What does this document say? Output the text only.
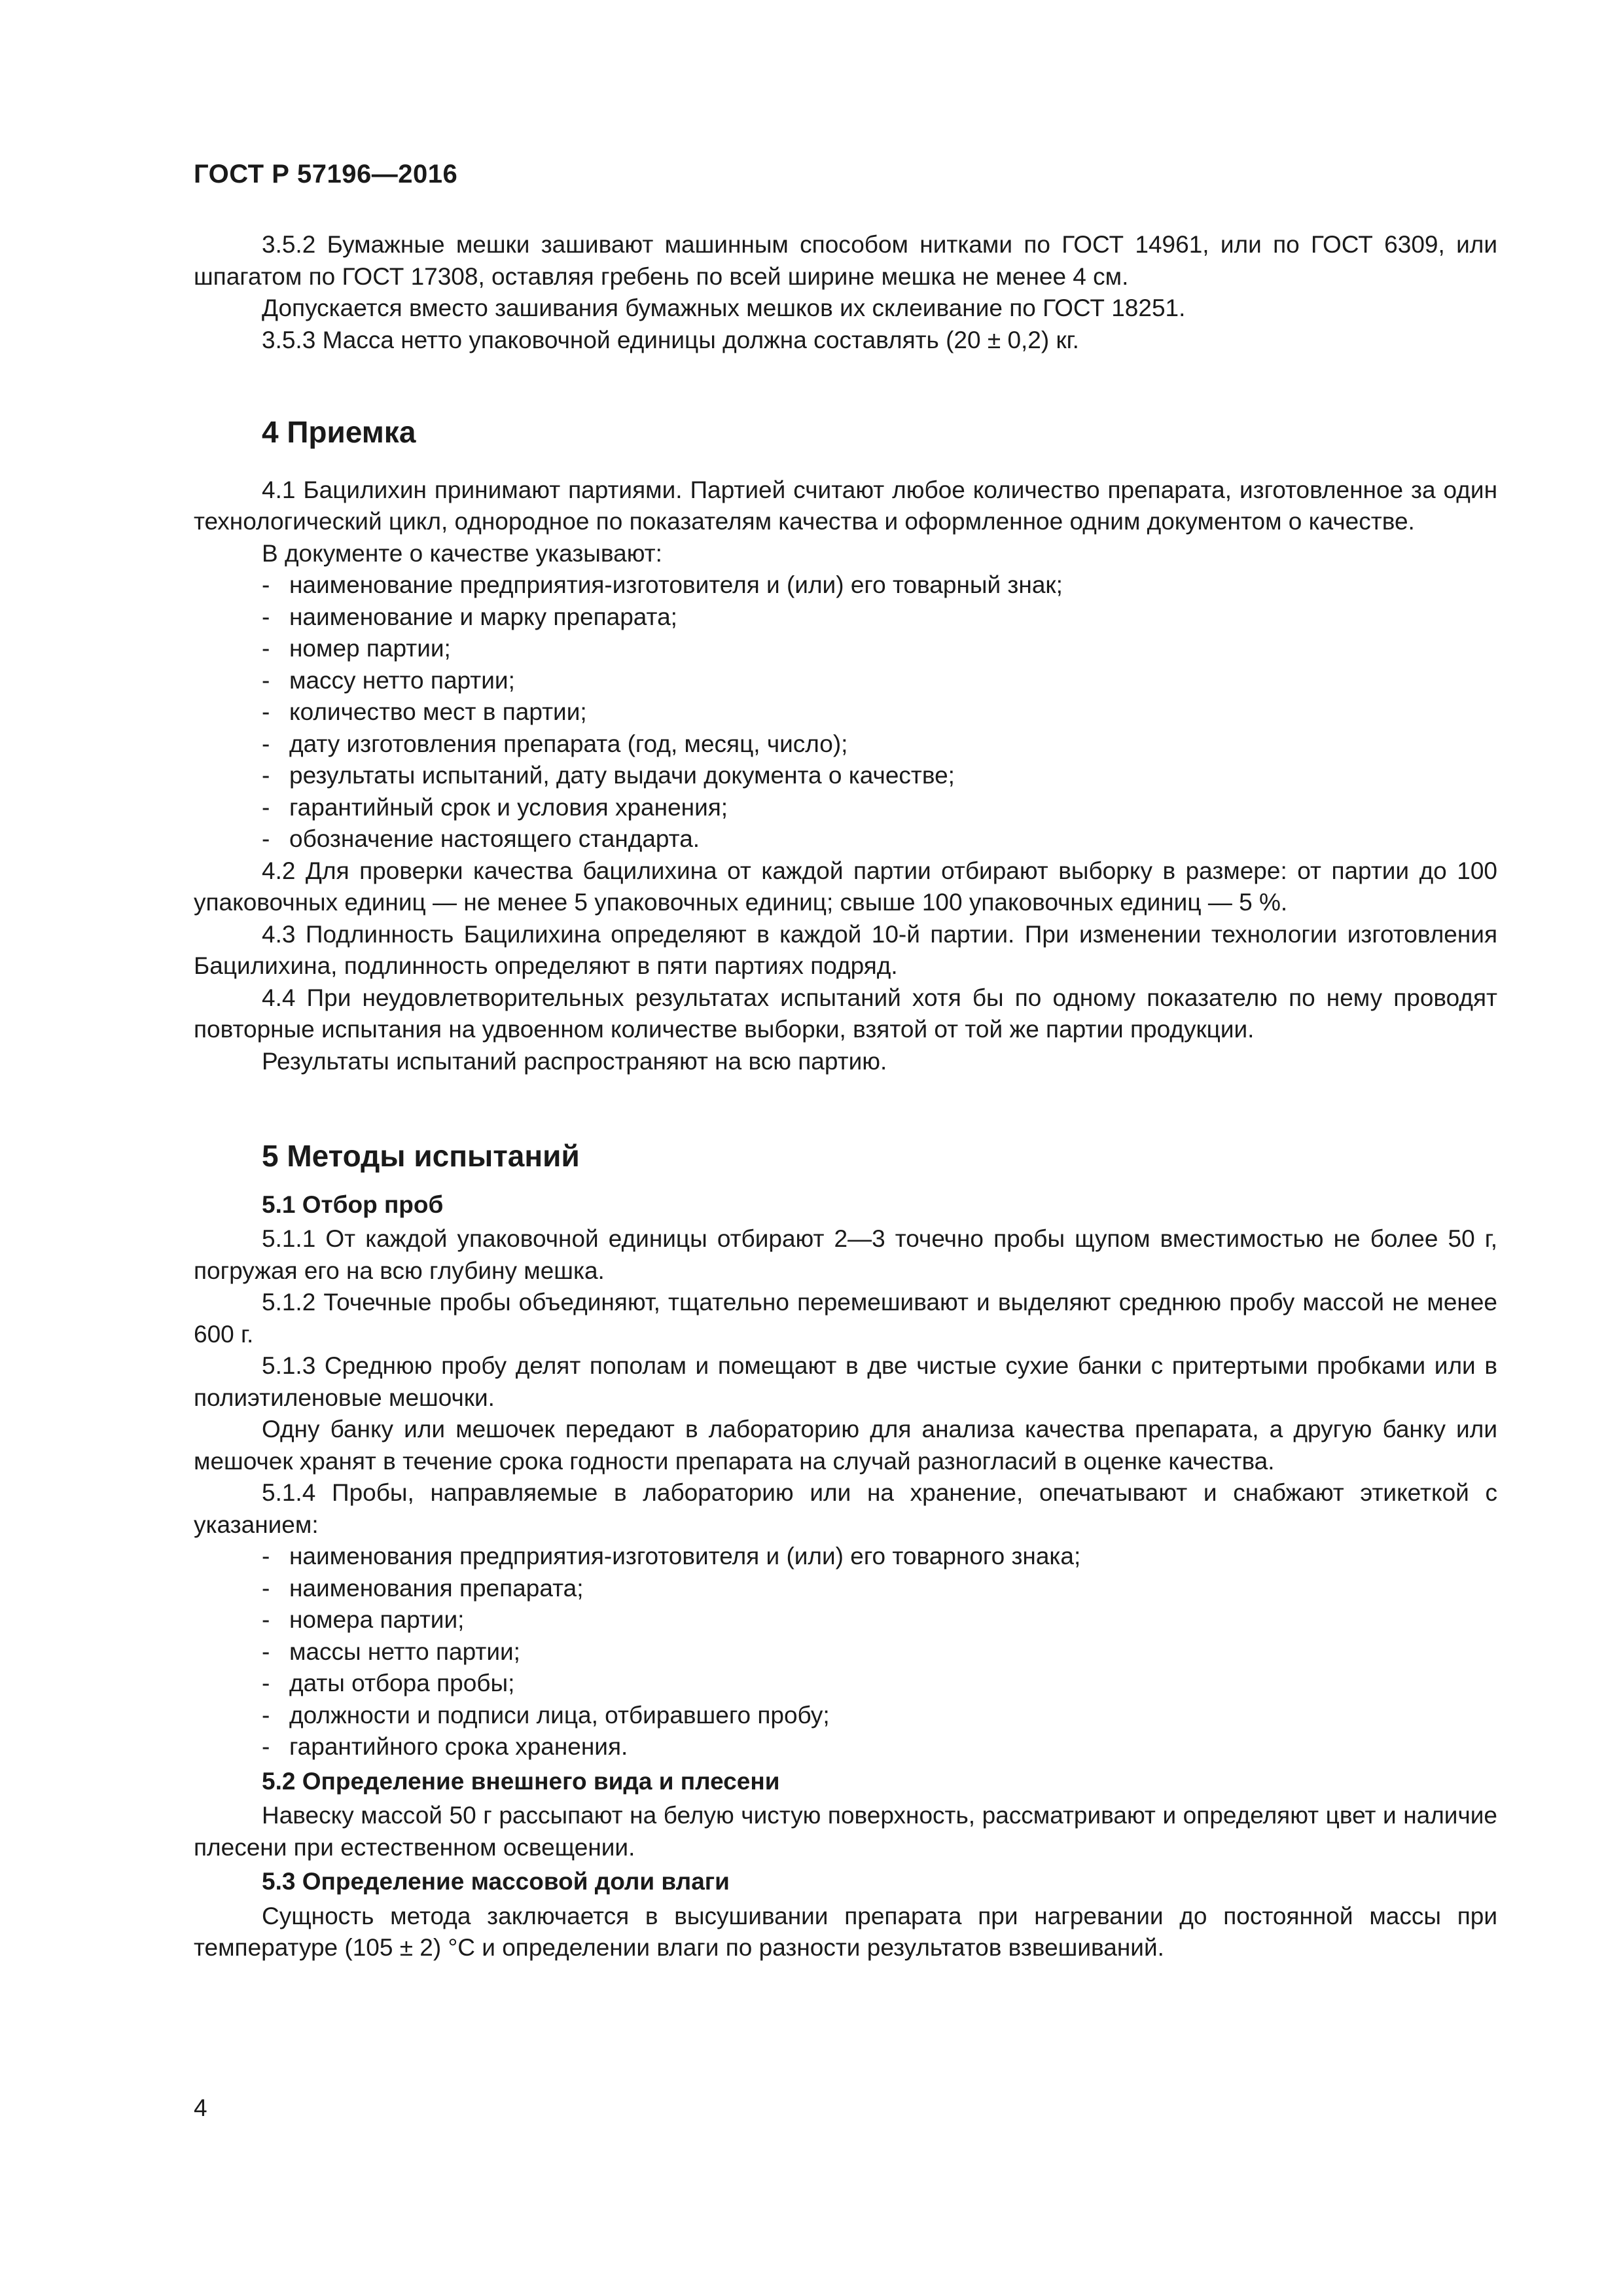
ГОСТ Р 57196—2016

3.5.2 Бумажные мешки зашивают машинным способом нитками по ГОСТ 14961, или по ГОСТ 6309, или шпагатом по ГОСТ 17308, оставляя гребень по всей ширине мешка не менее 4 см.

Допускается вместо зашивания бумажных мешков их склеивание по ГОСТ 18251.

3.5.3 Масса нетто упаковочной единицы должна составлять (20 ± 0,2) кг.

4 Приемка

4.1 Бацилихин принимают партиями. Партией считают любое количество препарата, изготовленное за один технологический цикл, однородное по показателям качества и оформленное одним документом о качестве.

В документе о качестве указывают:

- наименование предприятия-изготовителя и (или) его товарный знак;

- наименование и марку препарата;

- номер партии;

- массу нетто партии;

- количество мест в партии;

- дату изготовления препарата (год, месяц, число);

- результаты испытаний, дату выдачи документа о качестве;

- гарантийный срок и условия хранения;

- обозначение настоящего стандарта.

4.2 Для проверки качества бацилихина от каждой партии отбирают выборку в размере: от партии до 100 упаковочных единиц — не менее 5 упаковочных единиц; свыше 100 упаковочных единиц — 5 %.

4.3 Подлинность Бацилихина определяют в каждой 10-й партии. При изменении технологии изготовления Бацилихина, подлинность определяют в пяти партиях подряд.

4.4 При неудовлетворительных результатах испытаний хотя бы по одному показателю по нему проводят повторные испытания на удвоенном количестве выборки, взятой от той же партии продукции.

Результаты испытаний распространяют на всю партию.

5 Методы испытаний
5.1 Отбор проб

5.1.1 От каждой упаковочной единицы отбирают 2—3 точечно пробы щупом вместимостью не более 50 г, погружая его на всю глубину мешка.

5.1.2 Точечные пробы объединяют, тщательно перемешивают и выделяют среднюю пробу массой не менее 600 г.

5.1.3 Среднюю пробу делят пополам и помещают в две чистые сухие банки с притертыми пробками или в полиэтиленовые мешочки.

Одну банку или мешочек передают в лабораторию для анализа качества препарата, а другую банку или мешочек хранят в течение срока годности препарата на случай разногласий в оценке качества.

5.1.4 Пробы, направляемые в лабораторию или на хранение, опечатывают и снабжают этикеткой с указанием:

- наименования предприятия-изготовителя и (или) его товарного знака;

- наименования препарата;

- номера партии;

- массы нетто партии;

- даты отбора пробы;

- должности и подписи лица, отбиравшего пробу;

- гарантийного срока хранения.

5.2 Определение внешнего вида и плесени

Навеску массой 50 г рассыпают на белую чистую поверхность, рассматривают и определяют цвет и наличие плесени при естественном освещении.

5.3 Определение массовой доли влаги

Сущность метода заключается в высушивании препарата при нагревании до постоянной массы при температуре (105 ± 2) °С и определении влаги по разности результатов взвешиваний.

4
